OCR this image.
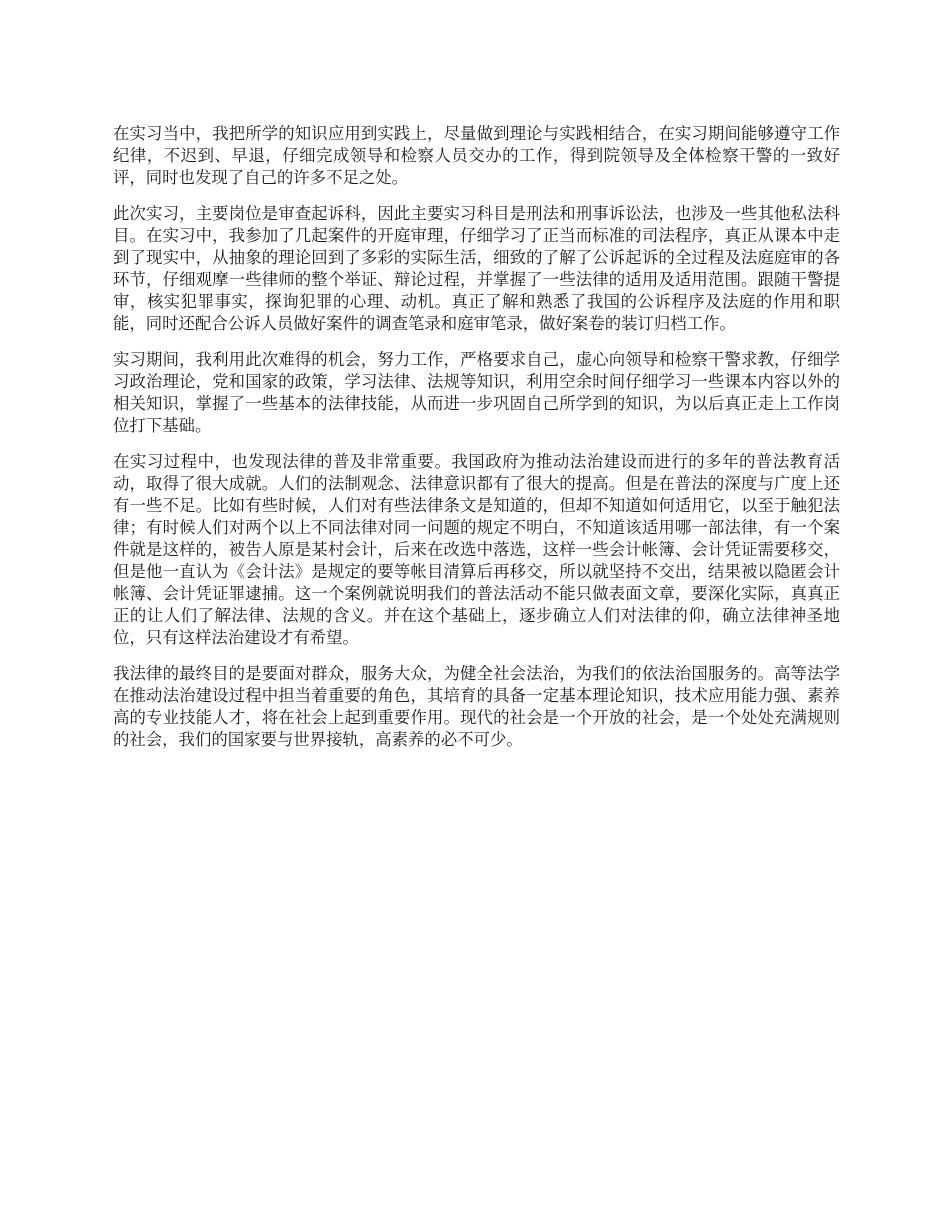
在实习当中，我把所学的知识应用到实践上，尽量做到理论与实践相结合，在实习期间能够遵守工作纪律，不迟到、早退，仔细完成领导和检察人员交办的工作，得到院领导及全体检察干警的一致好评，同时也发现了自己的许多不足之处。

此次实习，主要岗位是审查起诉科，因此主要实习科目是刑法和刑事诉讼法，也涉及一些其他私法科目。在实习中，我参加了几起案件的开庭审理，仔细学习了正当而标准的司法程序，真正从课本中走到了现实中，从抽象的理论回到了多彩的实际生活，细致的了解了公诉起诉的全过程及法庭庭审的各环节，仔细观摩一些律师的整个举证、辩论过程，并掌握了一些法律的适用及适用范围。跟随干警提审，核实犯罪事实，探询犯罪的心理、动机。真正了解和熟悉了我国的公诉程序及法庭的作用和职能，同时还配合公诉人员做好案件的调查笔录和庭审笔录，做好案卷的装订归档工作。

实习期间，我利用此次难得的机会，努力工作，严格要求自己，虚心向领导和检察干警求教，仔细学习政治理论，党和国家的政策，学习法律、法规等知识，利用空余时间仔细学习一些课本内容以外的相关知识，掌握了一些基本的法律技能，从而进一步巩固自己所学到的知识，为以后真正走上工作岗位打下基础。

在实习过程中，也发现法律的普及非常重要。我国政府为推动法治建设而进行的多年的普法教育活动，取得了很大成就。人们的法制观念、法律意识都有了很大的提高。但是在普法的深度与广度上还有一些不足。比如有些时候，人们对有些法律条文是知道的，但却不知道如何适用它，以至于触犯法律；有时候人们对两个以上不同法律对同一问题的规定不明白，不知道该适用哪一部法律，有一个案件就是这样的，被告人原是某村会计，后来在改选中落选，这样一些会计帐簿、会计凭证需要移交，但是他一直认为《会计法》是规定的要等帐目清算后再移交，所以就坚持不交出，结果被以隐匿会计帐簿、会计凭证罪逮捕。这一个案例就说明我们的普法活动不能只做表面文章，要深化实际，真真正正的让人们了解法律、法规的含义。并在这个基础上，逐步确立人们对法律的仰，确立法律神圣地位，只有这样法治建设才有希望。

我法律的最终目的是要面对群众，服务大众，为健全社会法治，为我们的依法治国服务的。高等法学在推动法治建设过程中担当着重要的角色，其培育的具备一定基本理论知识，技术应用能力强、素养高的专业技能人才，将在社会上起到重要作用。现代的社会是一个开放的社会，是一个处处充满规则的社会，我们的国家要与世界接轨，高素养的必不可少。
